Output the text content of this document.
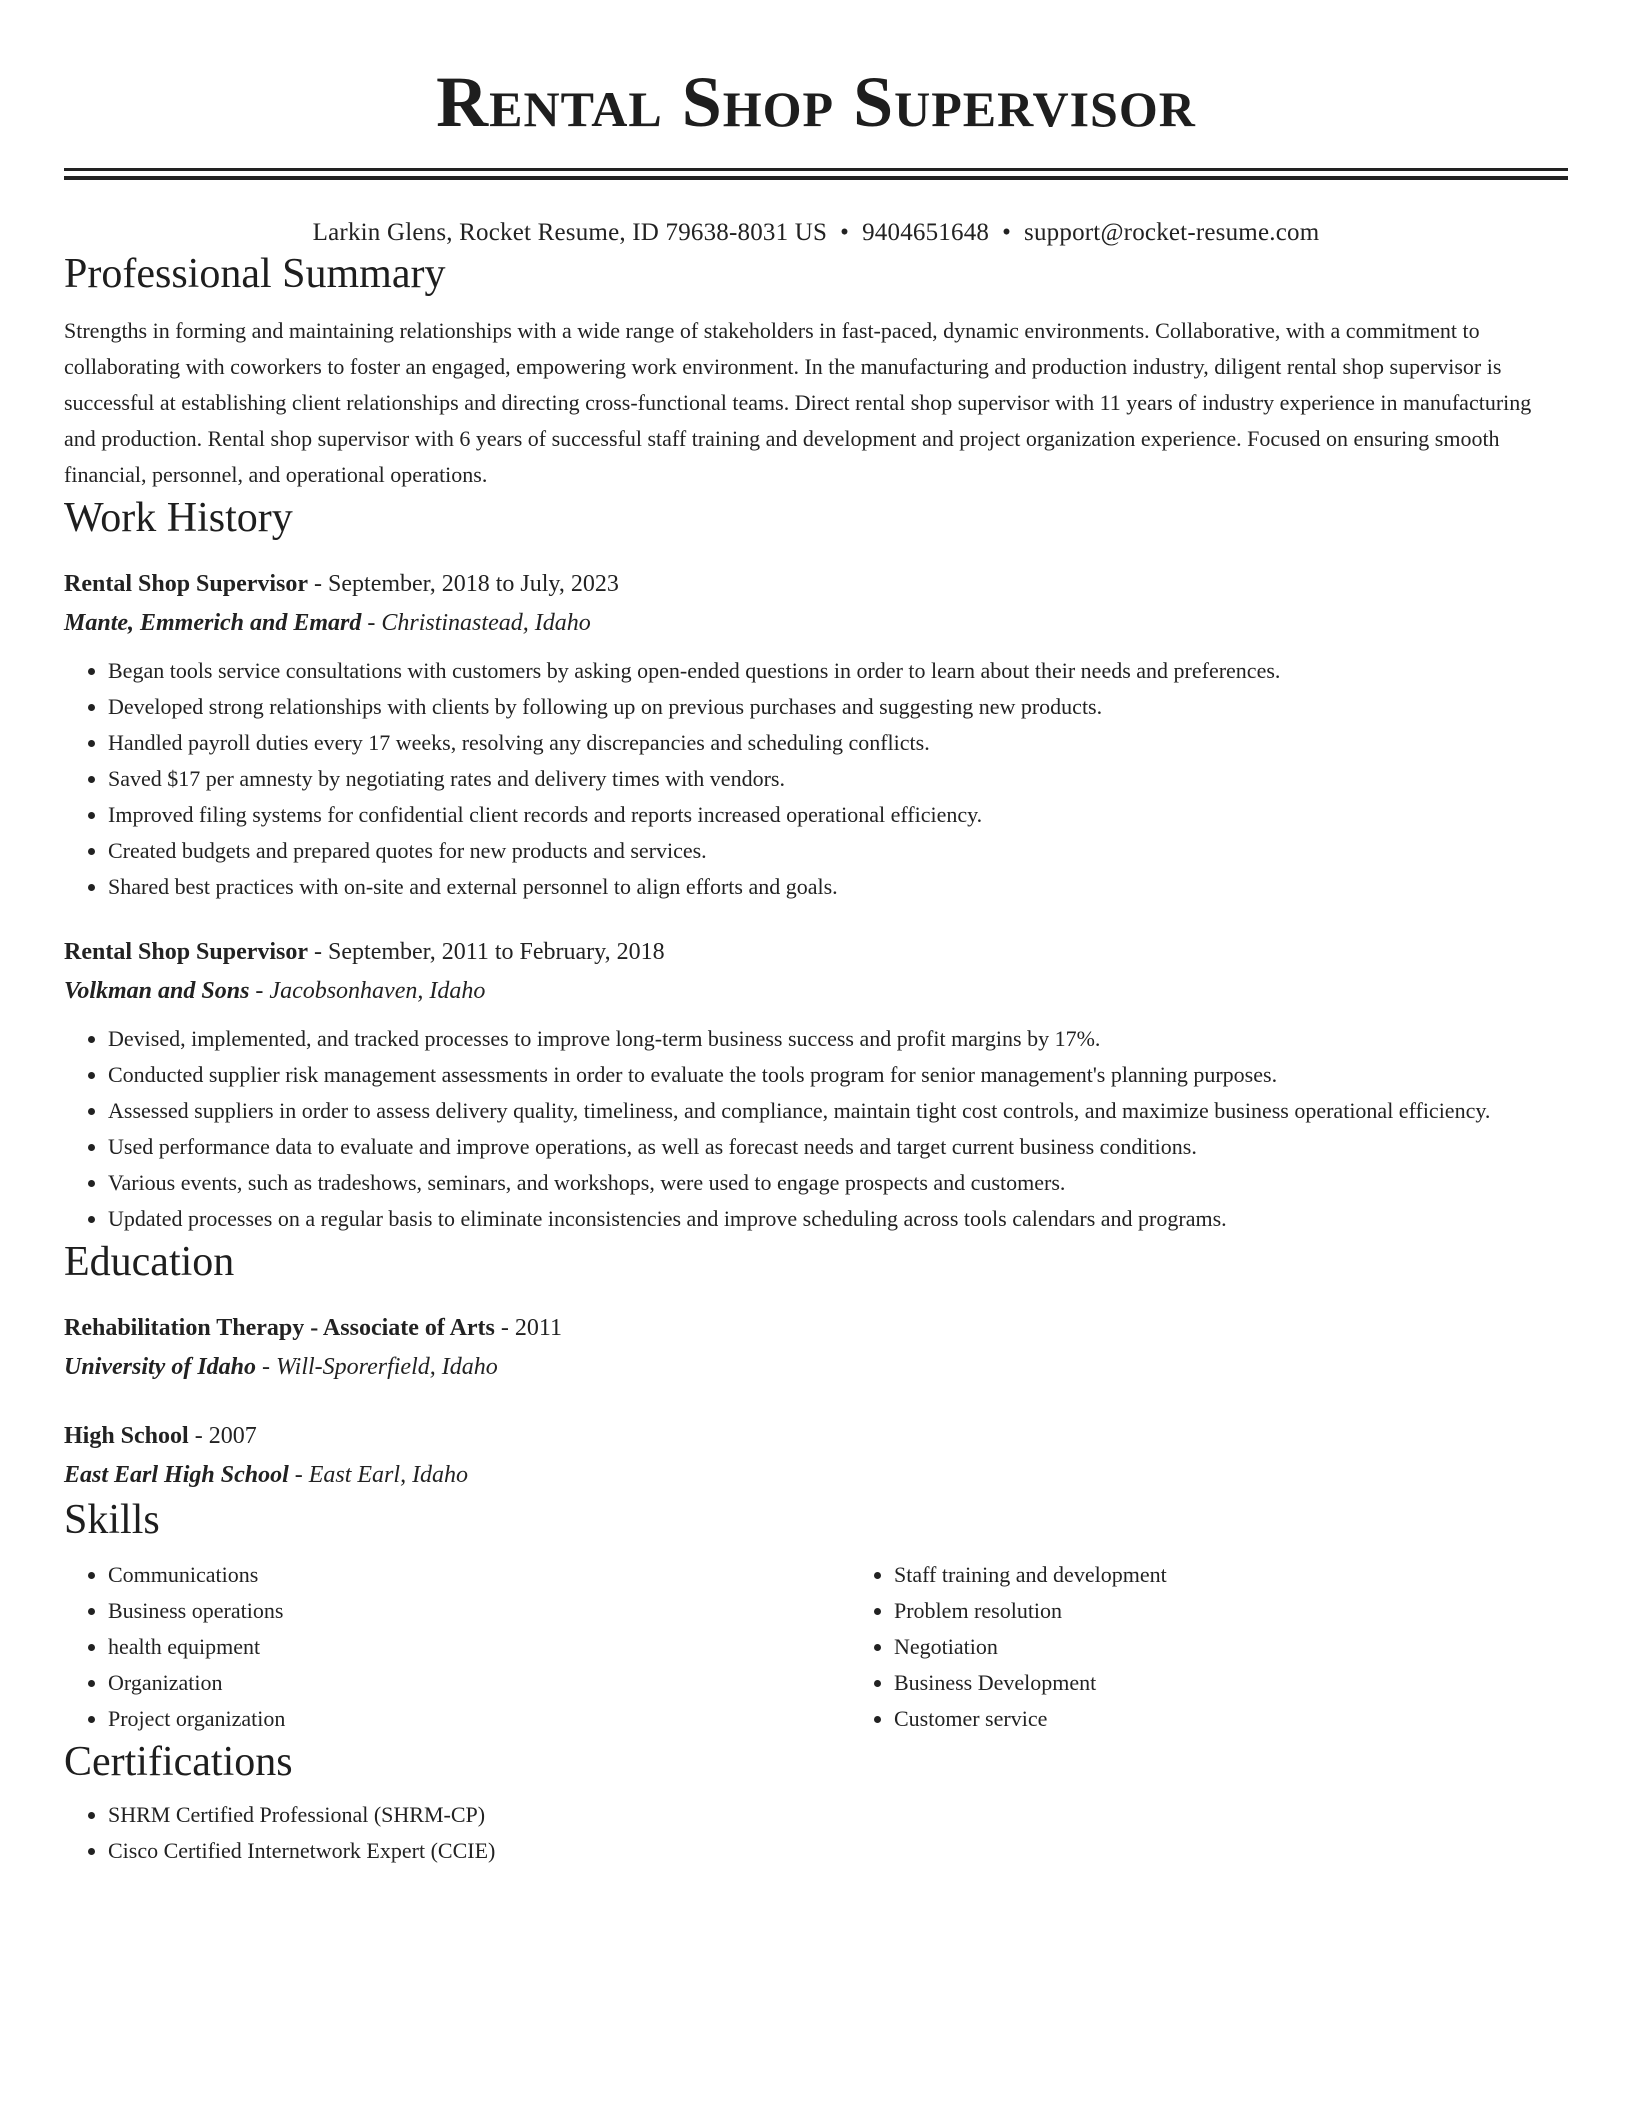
Rental Shop Supervisor
Larkin Glens, Rocket Resume, ID 79638-8031 US • 9404651648 • support@rocket-resume.com
Professional Summary
Strengths in forming and maintaining relationships with a wide range of stakeholders in fast-paced, dynamic environments. Collaborative, with a commitment to collaborating with coworkers to foster an engaged, empowering work environment. In the manufacturing and production industry, diligent rental shop supervisor is successful at establishing client relationships and directing cross-functional teams. Direct rental shop supervisor with 11 years of industry experience in manufacturing and production. Rental shop supervisor with 6 years of successful staff training and development and project organization experience. Focused on ensuring smooth financial, personnel, and operational operations.
Work History
Rental Shop Supervisor - September, 2018 to July, 2023
Mante, Emmerich and Emard - Christinastead, Idaho
• Began tools service consultations with customers by asking open-ended questions in order to learn about their needs and preferences.
• Developed strong relationships with clients by following up on previous purchases and suggesting new products.
• Handled payroll duties every 17 weeks, resolving any discrepancies and scheduling conflicts.
• Saved $17 per amnesty by negotiating rates and delivery times with vendors.
• Improved filing systems for confidential client records and reports increased operational efficiency.
• Created budgets and prepared quotes for new products and services.
• Shared best practices with on-site and external personnel to align efforts and goals.
Rental Shop Supervisor - September, 2011 to February, 2018
Volkman and Sons - Jacobsonhaven, Idaho
• Devised, implemented, and tracked processes to improve long-term business success and profit margins by 17%.
• Conducted supplier risk management assessments in order to evaluate the tools program for senior management's planning purposes.
• Assessed suppliers in order to assess delivery quality, timeliness, and compliance, maintain tight cost controls, and maximize business operational efficiency.
• Used performance data to evaluate and improve operations, as well as forecast needs and target current business conditions.
• Various events, such as tradeshows, seminars, and workshops, were used to engage prospects and customers.
• Updated processes on a regular basis to eliminate inconsistencies and improve scheduling across tools calendars and programs.
Education
Rehabilitation Therapy - Associate of Arts - 2011
University of Idaho - Will-Sporerfield, Idaho
High School - 2007
East Earl High School - East Earl, Idaho
Skills
• Communications
• Business operations
• health equipment
• Organization
• Project organization
• Staff training and development
• Problem resolution
• Negotiation
• Business Development
• Customer service
Certifications
• SHRM Certified Professional (SHRM-CP)
• Cisco Certified Internetwork Expert (CCIE)
